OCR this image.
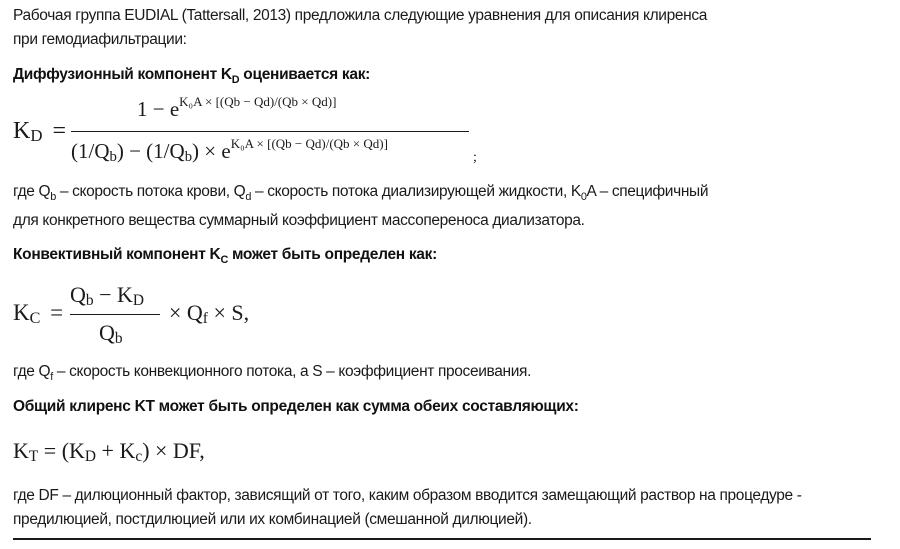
Рабочая группа EUDIAL (Tattersall, 2013) предложила следующие уравнения для описания клиренса
при гемодиафильтрации:
Диффузионный компонент $K_D$ оценивается как:
$K_D$ =
$1 - e^{K_0A \times [(Qb - Qd)/(Qb \times Qd)]}$
$(1/Q_b) - (1/Q_b) \times e^{K_0A \times [(Qb - Qd)/(Qb \times Qd)]}$
;
где $Q_b$ – скорость потока крови, $Q_d$ – скорость потока диализирующей жидкости, $K_0A$ – специфичный
для конкретного вещества суммарный коэффициент массопереноса диализатора.
Конвективный компонент $K_C$ может быть определен как:
$K_C$ =
$Q_b - K_D$
$Q_b$
× $Q_f \times S$,
где $Q_f$ – скорость конвекционного потока, а S – коэффициент просеивания.
Общий клиренс KT может быть определен как сумма обеих составляющих:
$K_T = (K_D + K_c)$ × DF,
где DF – дилюционный фактор, зависящий от того, каким образом вводится замещающий раствор на процедуре -
предилюцией, постдилюцией или их комбинацией (смешанной дилюцией).
